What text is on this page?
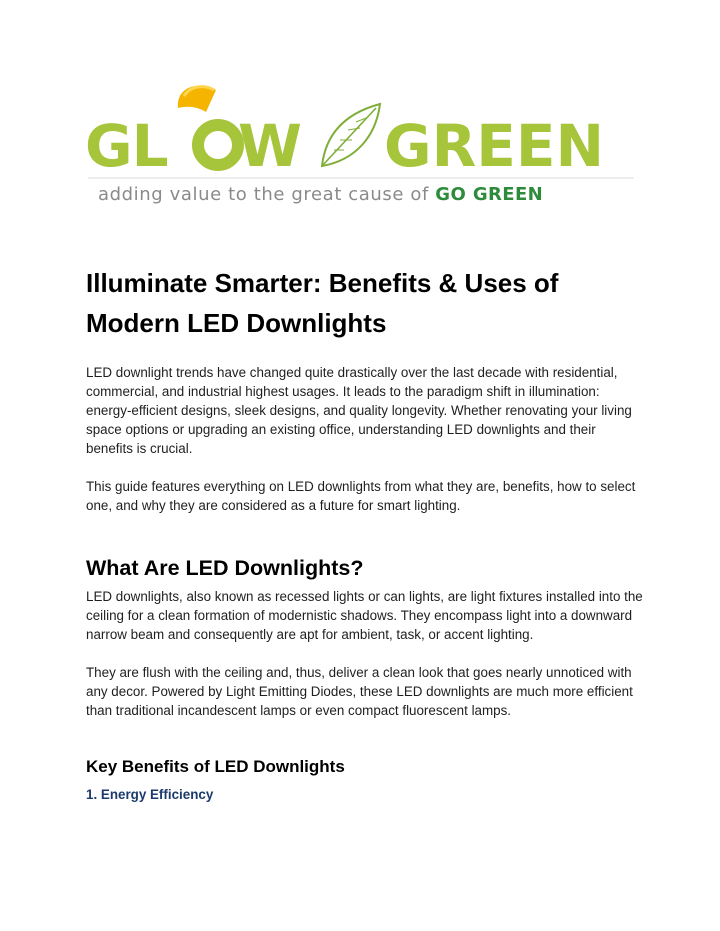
GL W GREEN
adding value to the great cause of GO GREEN
Illuminate Smarter: Benefits & Uses of Modern LED Downlights

LED downlight trends have changed quite drastically over the last decade with residential, commercial, and industrial highest usages. It leads to the paradigm shift in illumination: energy-efficient designs, sleek designs, and quality longevity. Whether renovating your living space options or upgrading an existing office, understanding LED downlights and their benefits is crucial.

This guide features everything on LED downlights from what they are, benefits, how to select one, and why they are considered as a future for smart lighting.

What Are LED Downlights?

LED downlights, also known as recessed lights or can lights, are light fixtures installed into the ceiling for a clean formation of modernistic shadows. They encompass light into a downward narrow beam and consequently are apt for ambient, task, or accent lighting.

They are flush with the ceiling and, thus, deliver a clean look that goes nearly unnoticed with any decor. Powered by Light Emitting Diodes, these LED downlights are much more efficient than traditional incandescent lamps or even compact fluorescent lamps.

Key Benefits of LED Downlights
1. Energy Efficiency
